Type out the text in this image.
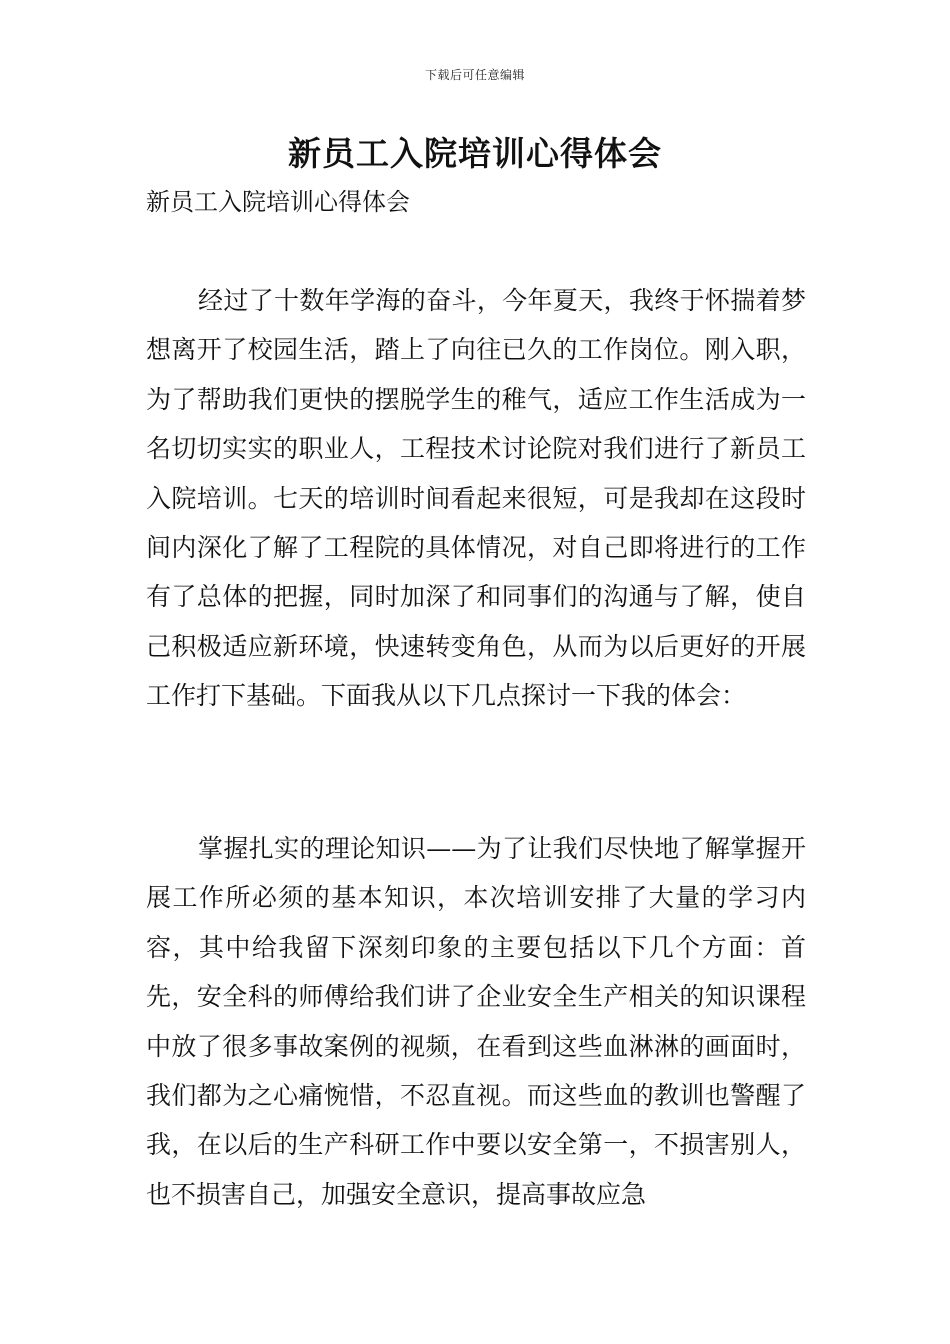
下载后可任意编辑
新员工入院培训心得体会

新员工入院培训心得体会

经过了十数年学海的奋斗，今年夏天，我终于怀揣着梦想离开了校园生活，踏上了向往已久的工作岗位。刚入职，为了帮助我们更快的摆脱学生的稚气，适应工作生活成为一名切切实实的职业人，工程技术讨论院对我们进行了新员工入院培训。七天的培训时间看起来很短，可是我却在这段时间内深化了解了工程院的具体情况，对自己即将进行的工作有了总体的把握，同时加深了和同事们的沟通与了解，使自己积极适应新环境，快速转变角色，从而为以后更好的开展工作打下基础。下面我从以下几点探讨一下我的体会：

掌握扎实的理论知识——为了让我们尽快地了解掌握开展工作所必须的基本知识，本次培训安排了大量的学习内容，其中给我留下深刻印象的主要包括以下几个方面：首先，安全科的师傅给我们讲了企业安全生产相关的知识课程中放了很多事故案例的视频，在看到这些血淋淋的画面时，我们都为之心痛惋惜，不忍直视。而这些血的教训也警醒了我，在以后的生产科研工作中要以安全第一，不损害别人，也不损害自己，加强安全意识，提高事故应急
